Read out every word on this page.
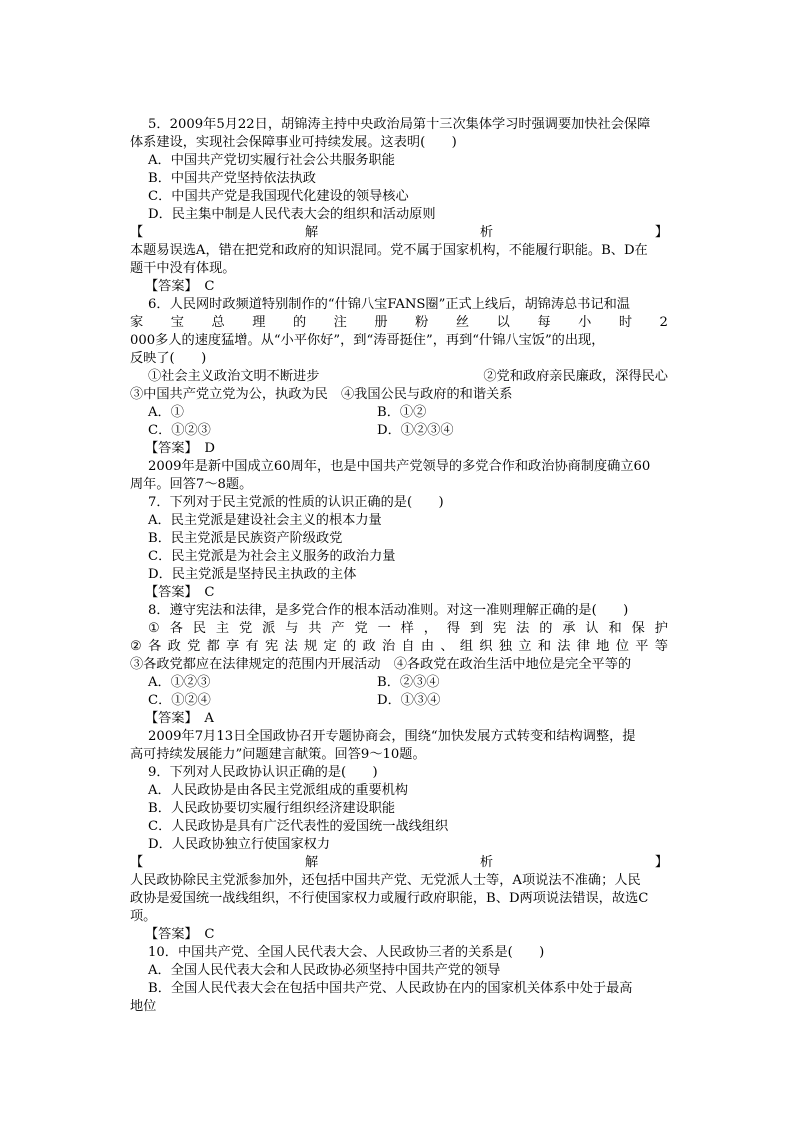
5．2009年5月22日，胡锦涛主持中央政治局第十三次集体学习时强调要加快社会保障
体系建设，实现社会保障事业可持续发展。这表明(　　)
A．中国共产党切实履行社会公共服务职能
B．中国共产党坚持依法执政
C．中国共产党是我国现代化建设的领导核心
D．民主集中制是人民代表大会的组织和活动原则
本题易误选A，错在把党和政府的知识混同。党不属于国家机构，不能履行职能。B、D在
题干中没有体现。
【答案】　C
6．人民网时政频道特别制作的“什锦八宝FANS圈”正式上线后，胡锦涛总书记和温
000多人的速度猛增。从“小平你好”，到“涛哥挺住”，再到“什锦八宝饭”的出现，
反映了(　　)
③中国共产党立党为公，执政为民　④我国公民与政府的和谐关系
【答案】　D
2009年是新中国成立60周年，也是中国共产党领导的多党合作和政治协商制度确立60
周年。回答7～8题。
7．下列对于民主党派的性质的认识正确的是(　　)
A．民主党派是建设社会主义的根本力量
B．民主党派是民族资产阶级政党
C．民主党派是为社会主义服务的政治力量
D．民主党派是坚持民主执政的主体
【答案】　C
8．遵守宪法和法律，是多党合作的根本活动准则。对这一准则理解正确的是(　　)
③各政党都应在法律规定的范围内开展活动　④各政党在政治生活中地位是完全平等的
【答案】　A
2009年7月13日全国政协召开专题协商会，围绕“加快发展方式转变和结构调整，提
高可持续发展能力”问题建言献策。回答9～10题。
9．下列对人民政协认识正确的是(　　)
A．人民政协是由各民主党派组成的重要机构
B．人民政协要切实履行组织经济建设职能
C．人民政协是具有广泛代表性的爱国统一战线组织
D．人民政协独立行使国家权力
人民政协除民主党派参加外，还包括中国共产党、无党派人士等，A项说法不准确；人民
政协是爱国统一战线组织，不行使国家权力或履行政府职能，B、D两项说法错误，故选C
项。
【答案】　C
10．中国共产党、全国人民代表大会、人民政协三者的关系是(　　)
A．全国人民代表大会和人民政协必须坚持中国共产党的领导
B．全国人民代表大会在包括中国共产党、人民政协在内的国家机关体系中处于最高
地位
【	解	析	】
家 宝 总 理 的 注 册 粉 丝 以 每 小 时 2
①社会主义政治文明不断进步	②党和政府亲民廉政，深得民心
① 各 民 主 党 派 与 共 产 党 一 样 ， 得 到 宪 法 的 承 认 和 保 护
② 各 政 党 都 享 有 宪 法 规 定 的 政 治 自 由 、 组 织 独 立 和 法 律 地 位 平 等
【	解	析	】
A．①	B．①②
C．①②③	D．①②③④
A．①②③	B．②③④
C．①②④	D．①③④
